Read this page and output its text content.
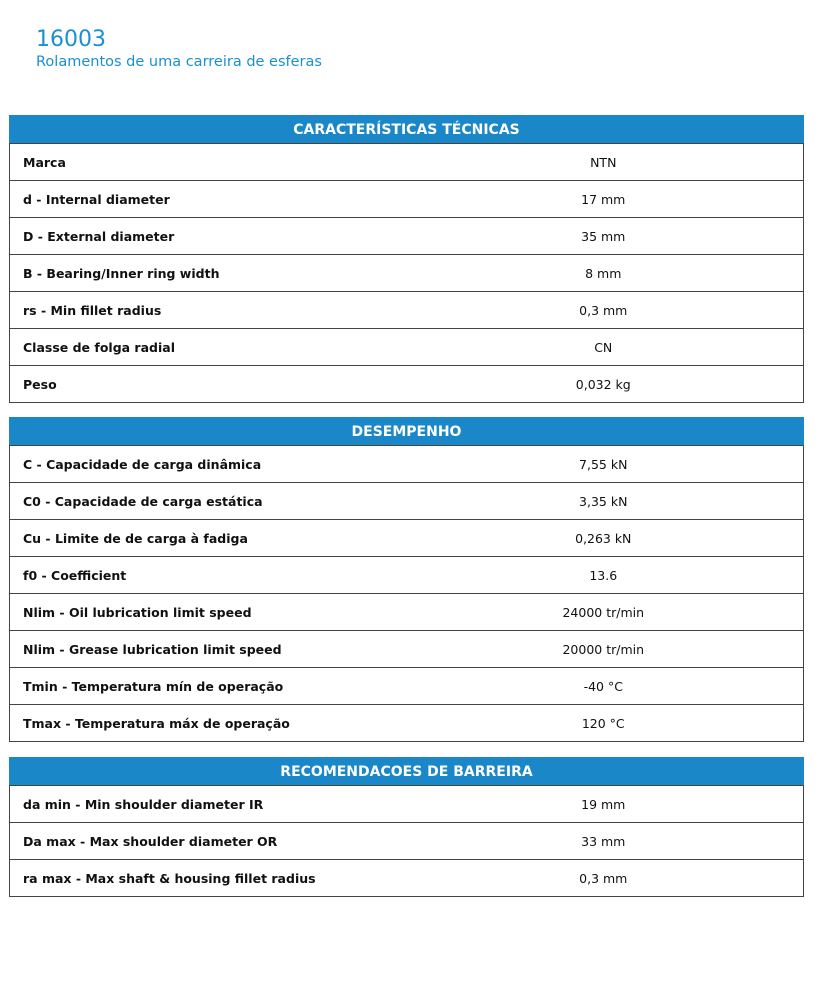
16003

Rolamentos de uma carreira de esferas

CARACTERÍSTICAS TÉCNICAS
Marca	NTN
d - Internal diameter	17 mm
D - External diameter	35 mm
B - Bearing/Inner ring width	8 mm
rs - Min fillet radius	0,3 mm
Classe de folga radial	CN
Peso	0,032 kg
DESEMPENHO
C - Capacidade de carga dinâmica	7,55 kN
C0 - Capacidade de carga estática	3,35 kN
Cu - Limite de de carga à fadiga	0,263 kN
f0 - Coefficient	13.6
Nlim - Oil lubrication limit speed	24000 tr/min
Nlim - Grease lubrication limit speed	20000 tr/min
Tmin - Temperatura mín de operação	-40 °C
Tmax - Temperatura máx de operação	120 °C
RECOMENDACOES DE BARREIRA
da min - Min shoulder diameter IR	19 mm
Da max - Max shoulder diameter OR	33 mm
ra max - Max shaft & housing fillet radius	0,3 mm
